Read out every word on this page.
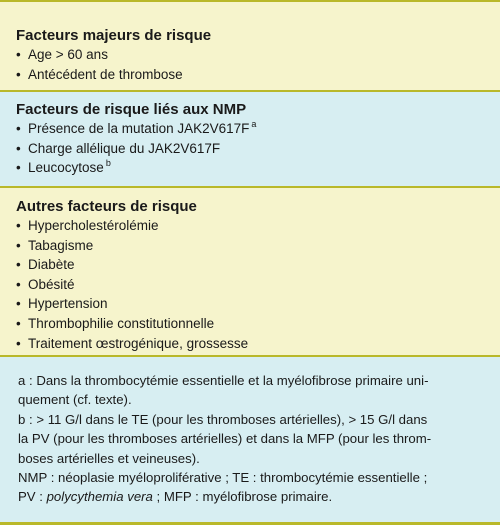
Facteurs majeurs de risque
• Age > 60 ans
• Antécédent de thrombose
Facteurs de risque liés aux NMP
• Présence de la mutation JAK2V617F $^a$
• Charge allélique du JAK2V617F
• Leucocytose $^b$
Autres facteurs de risque
• Hypercholestérolémie
• Tabagisme
• Diabète
• Obésité
• Hypertension
• Thrombophilie constitutionnelle
• Traitement œstrogénique, grossesse

a : Dans la thrombocytémie essentielle et la myélofibrose primaire uni-

quement (cf. texte).

b : > 11 G/l dans le TE (pour les thromboses artérielles), > 15 G/l dans

la PV (pour les thromboses artérielles) et dans la MFP (pour les throm-

boses artérielles et veineuses).

NMP : néoplasie myéloproliférative ; TE : thrombocytémie essentielle ;

PV : polycythemia vera ; MFP : myélofibrose primaire.
